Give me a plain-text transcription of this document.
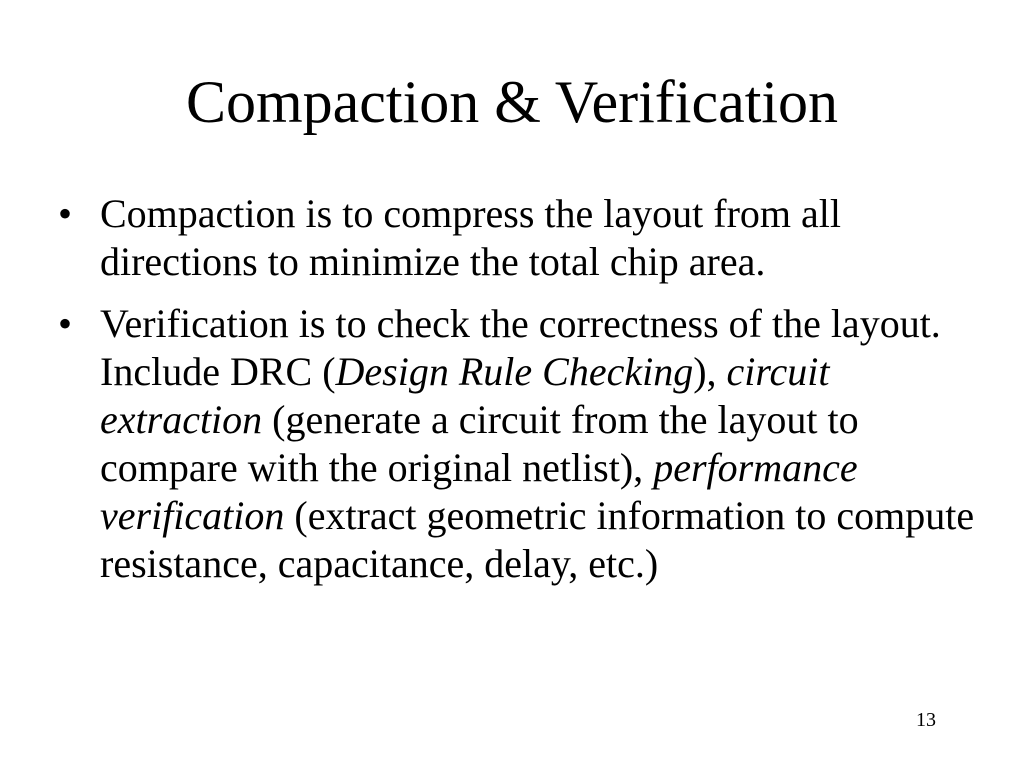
Compaction & Verification
• Compaction is to compress the layout from all directions to minimize the total chip area.
• Verification is to check the correctness of the layout. Include DRC (Design Rule Checking), circuit extraction (generate a circuit from the layout to compare with the original netlist), performance verification (extract geometric information to compute resistance, capacitance, delay, etc.)
13
